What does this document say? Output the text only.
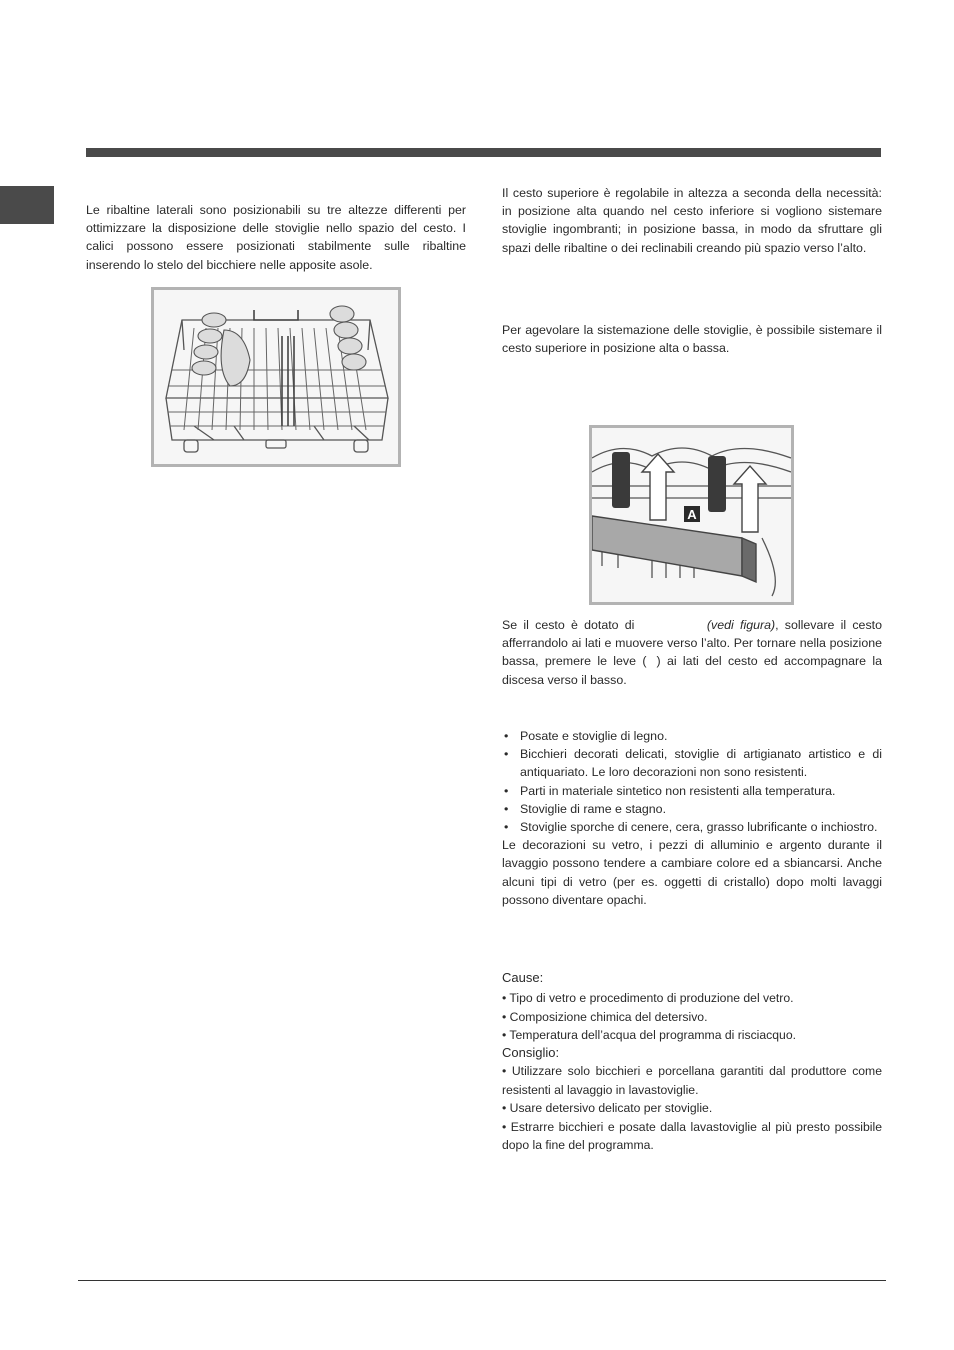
Le ribaltine laterali sono posizionabili su tre altezze differenti per ottimizzare la disposizione delle stoviglie nello spazio del cesto. I calici possono essere posizionati stabilmente sulle ribaltine inserendo lo stelo del bicchiere nelle apposite asole.

Il cesto superiore è regolabile in altezza a seconda della necessità: in posizione alta quando nel cesto inferiore si vogliono sistemare stoviglie ingombranti; in posizione bassa, in modo da sfruttare gli spazi delle ribaltine o dei reclinabili creando più spazio verso l’alto.

Per agevolare la sistemazione delle stoviglie, è possibile sistemare il cesto superiore in posizione alta o bassa.

A

Se il cesto è dotato di	(vedi figura), sollevare il cesto afferrandolo ai lati e muovere verso l’alto. Per tornare nella posizione bassa, premere le leve ( ) ai lati del cesto ed accompagnare la discesa verso il basso.

• Posate e stoviglie di legno.
• Bicchieri decorati delicati, stoviglie di artigianato artistico e di antiquariato. Le loro decorazioni non sono resistenti.
• Parti in materiale sintetico non resistenti alla temperatura.
• Stoviglie di rame e stagno.
• Stoviglie sporche di cenere, cera, grasso lubrificante o inchiostro.
Le decorazioni su vetro, i pezzi di alluminio e argento durante il lavaggio possono tendere a cambiare colore ed a sbiancarsi. Anche alcuni tipi di vetro (per es. oggetti di cristallo) dopo molti lavaggi possono diventare opachi.

Cause:

• Tipo di vetro e procedimento di produzione del vetro.
• Composizione chimica del detersivo.
• Temperatura dell’acqua del programma di risciacquo.

Consiglio:

• Utilizzare solo bicchieri e porcellana garantiti dal produttore come resistenti al lavaggio in lavastoviglie.
• Usare detersivo delicato per stoviglie.
• Estrarre bicchieri e posate dalla lavastoviglie al più presto possibile dopo la fine del programma.
